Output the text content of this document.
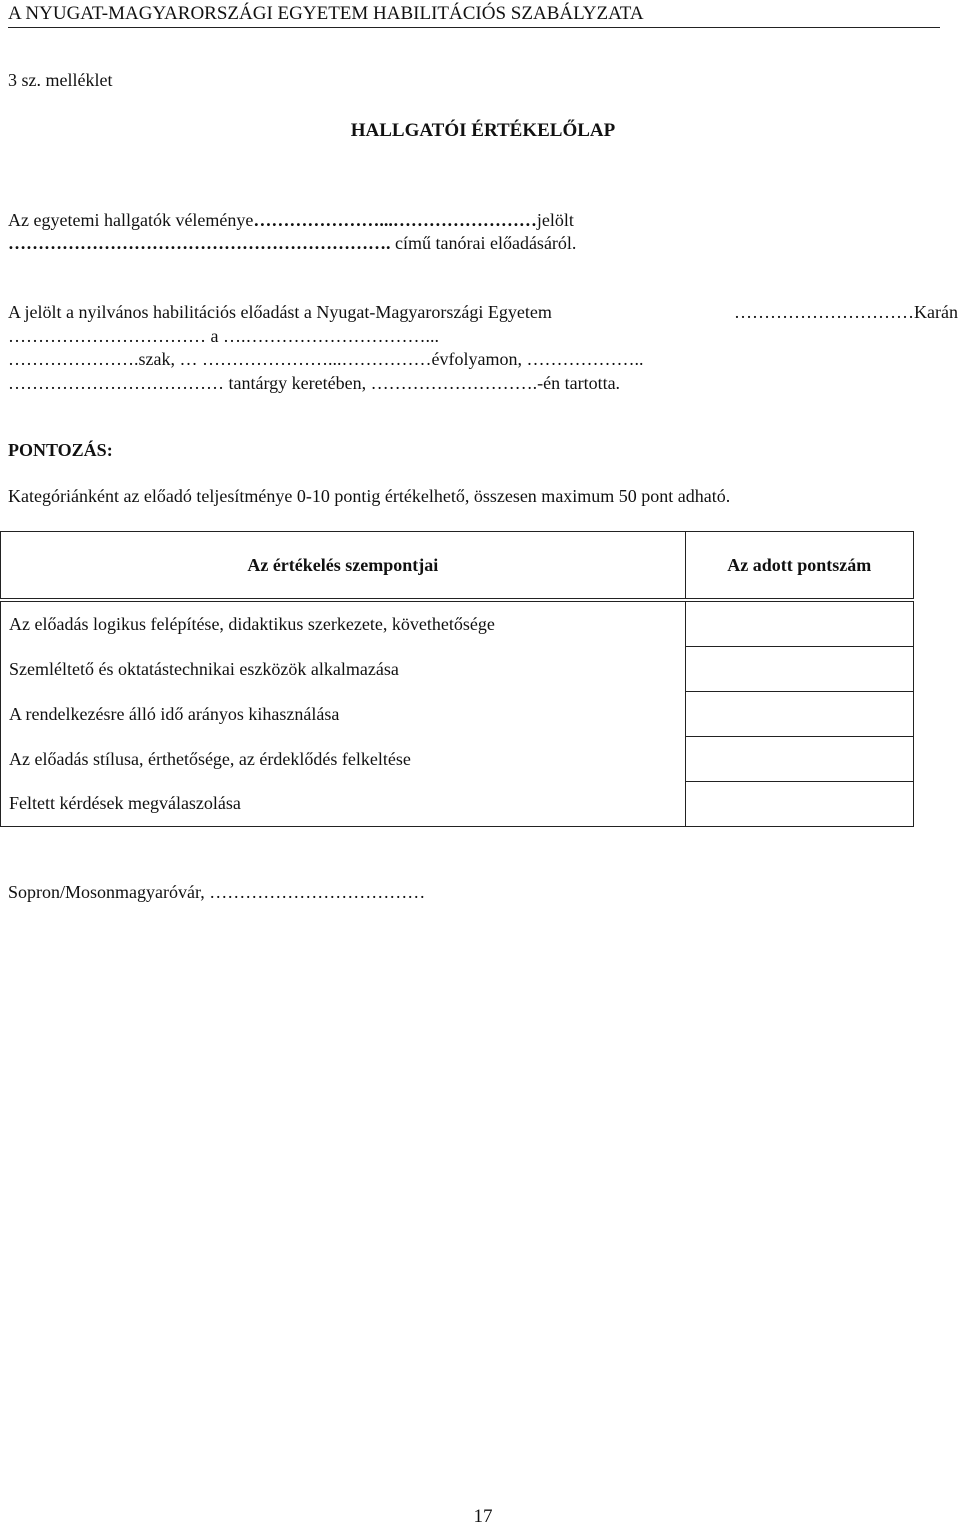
A NYUGAT-MAGYARORSZÁGI EGYETEM HABILITÁCIÓS SZABÁLYZATA
3 sz. melléklet
HALLGATÓI ÉRTÉKELŐLAP
Az egyetemi hallgatók véleménye…………………...……………………jelölt
………………………………………………………. című tanórai előadásáról.
A jelölt a nyilvános habilitációs előadást a Nyugat-Magyarországi Egyetem	…………………………Karán
…………………………… a ….…………………………...
………………….szak, … …………………...……………évfolyamon, ………………..
……………………………… tantárgy keretében, ……………………….-én tartotta.
PONTOZÁS:
Kategóriánként az előadó teljesítménye 0-10 pontig értékelhető, összesen maximum 50 pont adható.
Az értékelés szempontjai	Az adott pontszám
Az előadás logikus felépítése, didaktikus szerkezete, követhetősége	
Szemléltető és oktatástechnikai eszközök alkalmazása	
A rendelkezésre álló idő arányos kihasználása	
Az előadás stílusa, érthetősége, az érdeklődés felkeltése	
Feltett kérdések megválaszolása	
Sopron/Mosonmagyaróvár, ………………………………
17
